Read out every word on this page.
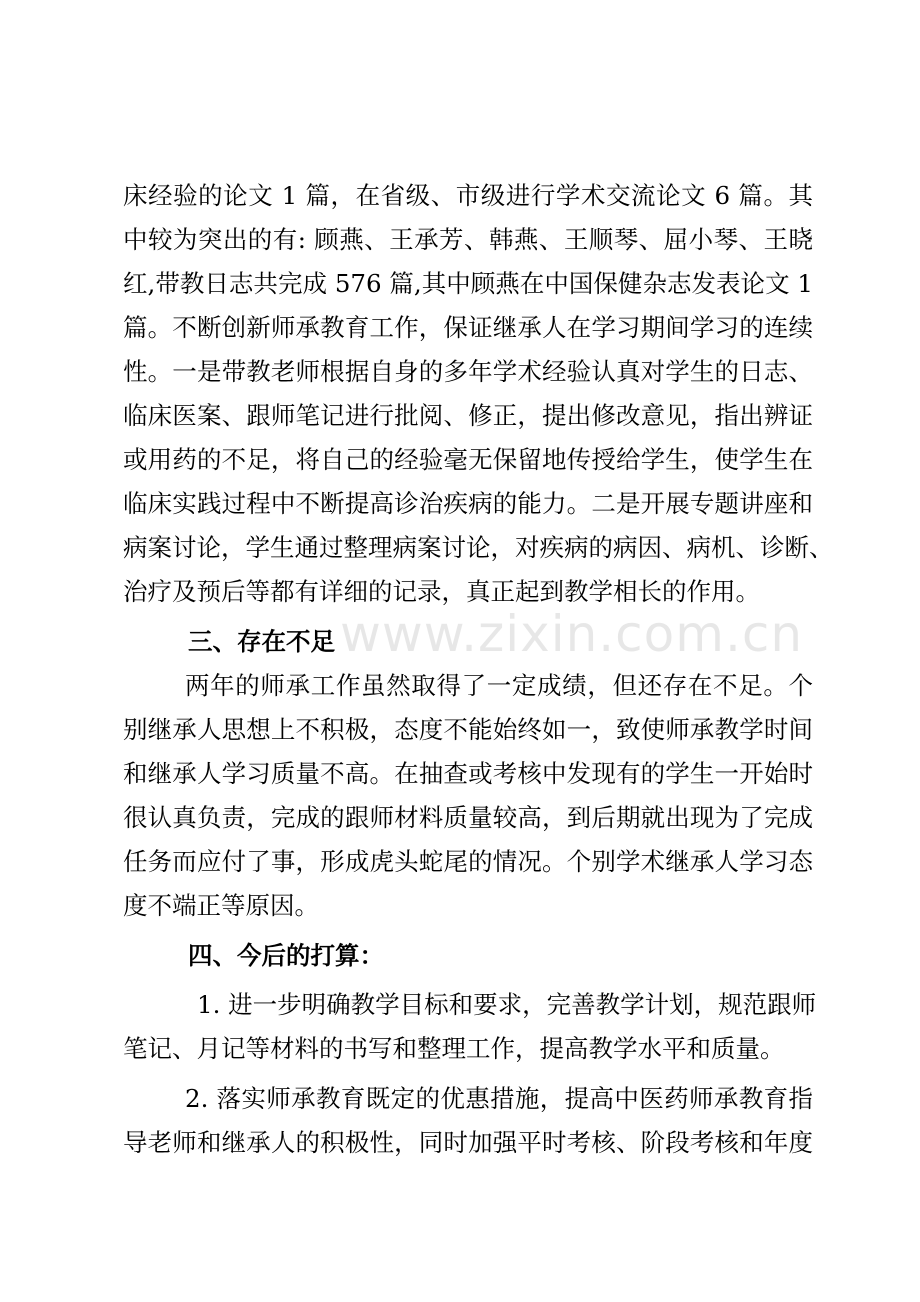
床经验的论文 1 篇，在省级、市级进行学术交流论文 6 篇。其
中较为突出的有: 顾燕、王承芳、韩燕、王顺琴、屈小琴、王晓
红,带教日志共完成 576 篇,其中顾燕在中国保健杂志发表论文 1
篇。不断创新师承教育工作，保证继承人在学习期间学习的连续
性。一是带教老师根据自身的多年学术经验认真对学生的日志、
临床医案、跟师笔记进行批阅、修正，提出修改意见，指出辨证
或用药的不足，将自己的经验毫无保留地传授给学生，使学生在
临床实践过程中不断提高诊治疾病的能力。二是开展专题讲座和
病案讨论，学生通过整理病案讨论，对疾病的病因、病机、诊断、
治疗及预后等都有详细的记录，真正起到教学相长的作用。
三、存在不足
两年的师承工作虽然取得了一定成绩，但还存在不足。个
别继承人思想上不积极，态度不能始终如一，致使师承教学时间
和继承人学习质量不高。在抽查或考核中发现有的学生一开始时
很认真负责，完成的跟师材料质量较高，到后期就出现为了完成
任务而应付了事，形成虎头蛇尾的情况。个别学术继承人学习态
度不端正等原因。
四、今后的打算：
1. 进一步明确教学目标和要求，完善教学计划，规范跟师
笔记、月记等材料的书写和整理工作，提高教学水平和质量。
2. 落实师承教育既定的优惠措施，提高中医药师承教育指
导老师和继承人的积极性，同时加强平时考核、阶段考核和年度
www.zixin.com.cn
